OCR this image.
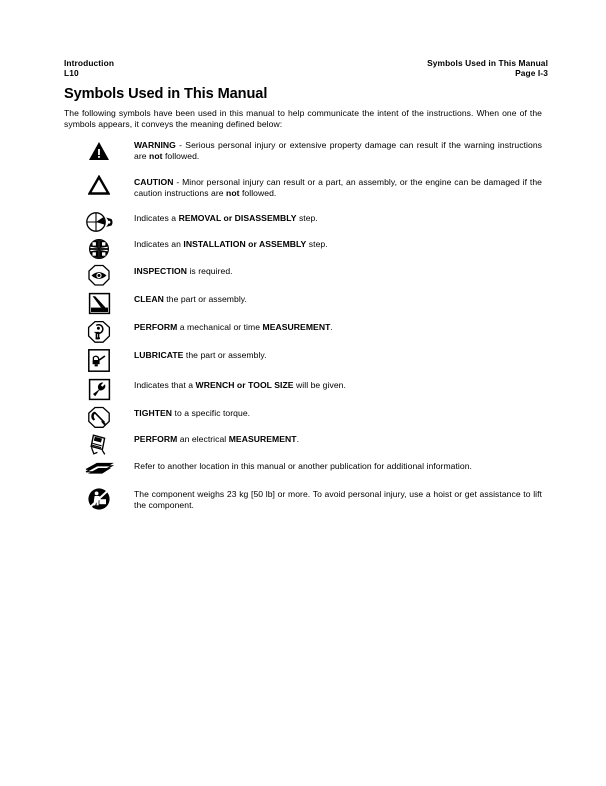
Introduction
L10
Symbols Used in This Manual
Page I-3
Symbols Used in This Manual
The following symbols have been used in this manual to help communicate the intent of the instructions. When one of the symbols appears, it conveys the meaning defined below:
WARNING - Serious personal injury or extensive property damage can result if the warning instructions are not followed.
CAUTION - Minor personal injury can result or a part, an assembly, or the engine can be damaged if the caution instructions are not followed.
Indicates a REMOVAL or DISASSEMBLY step.
Indicates an INSTALLATION or ASSEMBLY step.
INSPECTION is required.
CLEAN the part or assembly.
PERFORM a mechanical or time MEASUREMENT.
LUBRICATE the part or assembly.
Indicates that a WRENCH or TOOL SIZE will be given.
TIGHTEN to a specific torque.
PERFORM an electrical MEASUREMENT.
Refer to another location in this manual or another publication for additional information.
The component weighs 23 kg [50 lb] or more. To avoid personal injury, use a hoist or get assistance to lift the component.
